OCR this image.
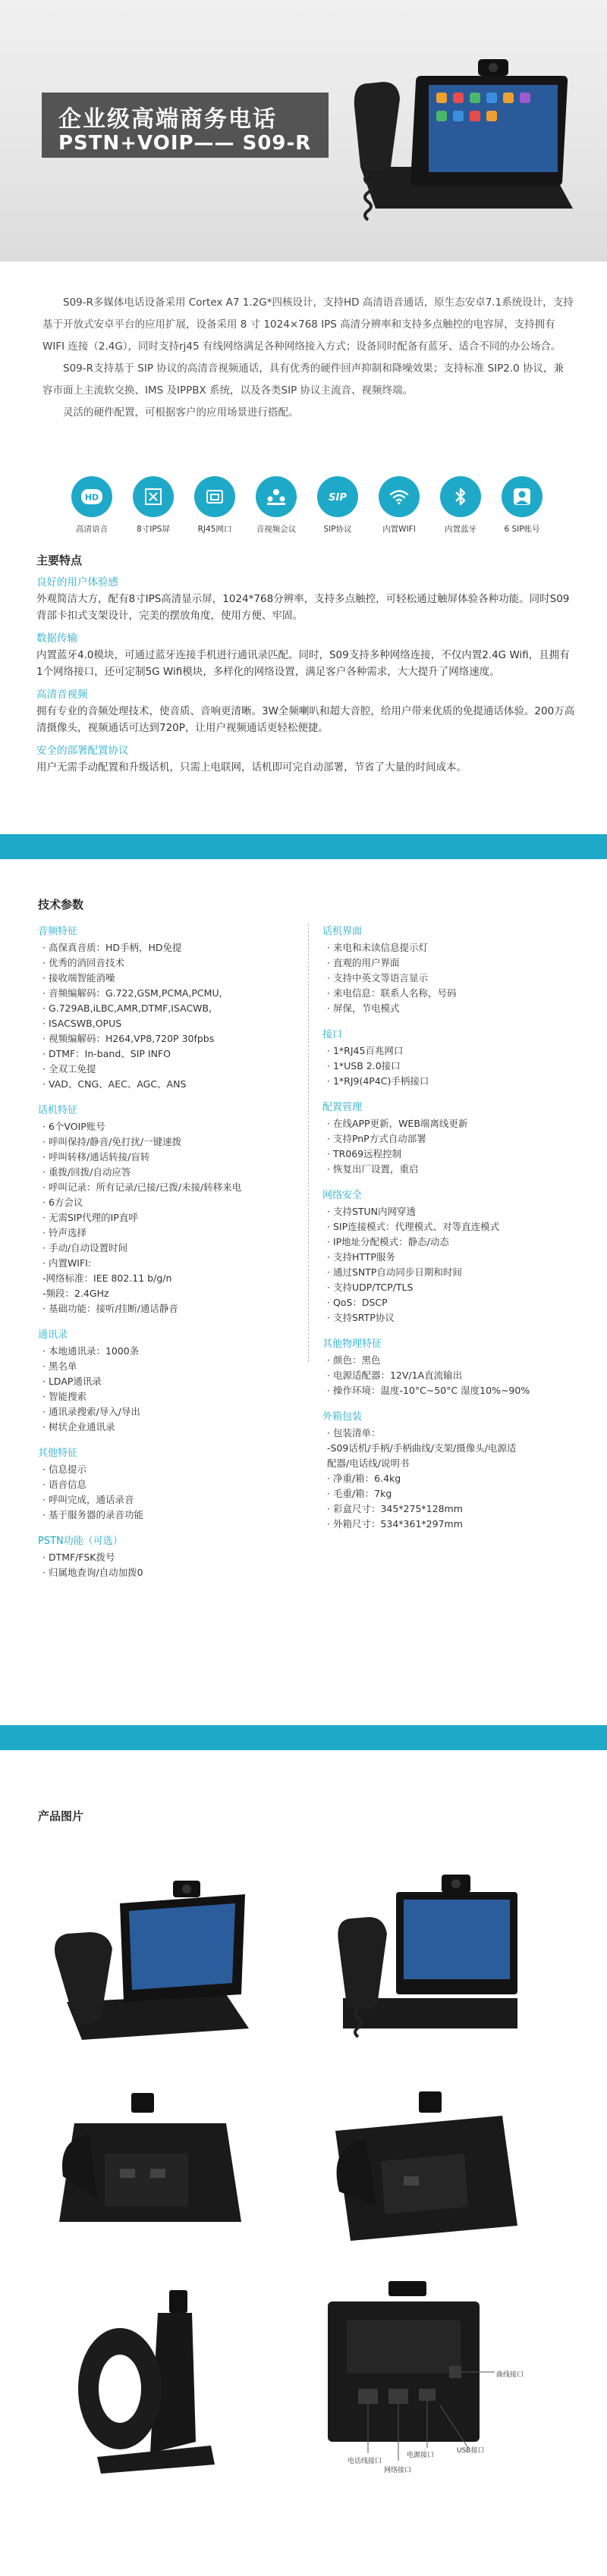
企业级高端商务电话
PSTN+VOIP—— S09-R

S09-R多媒体电话设备采用 Cortex A7 1.2G*四核设计，支持HD 高清语音通话，原生态安卓7.1系统设计，支持基于开放式安卓平台的应用扩展，设备采用 8 寸 1024×768 IPS 高清分辨率和支持多点触控的电容屏，支持拥有 WIFI 连接（2.4G），同时支持rj45 有线网络满足各种网络接入方式；设备同时配备有蓝牙、适合不同的办公场合。

S09-R支持基于 SIP 协议的高清音视频通话，具有优秀的硬件回声抑制和降噪效果；支持标准 SIP2.0 协议，兼容市面上主流软交换、IMS 及IPPBX 系统，以及各类SIP 协议主流音、视频终端。

灵活的硬件配置，可根据客户的应用场景进行搭配。

HD
高清语音	8寸IPS屏	RJ45网口	音视频会议
SIP
SIP协议	内置WIFI	内置蓝牙	6 SIP账号
主要特点
良好的用户体验感
外观简洁大方，配有8寸IPS高清显示屏，1024*768分辨率，支持多点触控，可轻松通过触屏体验各种功能。同时S09背部卡扣式支架设计，完美的摆放角度，使用方便、牢固。
数据传输
内置蓝牙4.0模块，可通过蓝牙连接手机进行通讯录匹配。同时，S09支持多种网络连接，不仅内置2.4G Wifi，且拥有1个网络接口，还可定制5G Wifi模块，多样化的网络设置，满足客户各种需求，大大提升了网络速度。
高清音视频
拥有专业的音频处理技术，使音质、音响更清晰。3W全频喇叭和超大音腔，给用户带来优质的免提通话体验。200万高清摄像头，视频通话可达到720P，让用户视频通话更轻松便捷。
安全的部署配置协议
用户无需手动配置和升级话机，只需上电联网，话机即可完自动部署，节省了大量的时间成本。
技术参数
音频特征
· 高保真音质：HD手柄，HD免提
· 优秀的消回音技术
· 接收端智能消噪
· 音频编解码：G.722,GSM,PCMA,PCMU,
· G.729AB,iLBC,AMR,DTMF,ISACWB,
· ISACSWB,OPUS
· 视频编解码：H264,VP8,720P 30fpbs
· DTMF：In-band、SIP INFO
· 全双工免提
· VAD、CNG、AEC、AGC、ANS
话机特征
· 6个VOIP账号
· 呼叫保持/静音/免打扰/一键速拨
· 呼叫转移/通话转接/盲转
· 重拨/回拨/自动应答
· 呼叫记录：所有记录/已接/已拨/未接/转移来电
· 6方会议
· 无需SIP代理的IP直呼
· 铃声选择
· 手动/自动设置时间
· 内置WIFI:
-网络标准：IEE 802.11 b/g/n
-频段：2.4GHz
· 基础功能：接听/挂断/通话静音
通讯录
· 本地通讯录：1000条
· 黑名单
· LDAP通讯录
· 智能搜索
· 通讯录搜索/导入/导出
· 树状企业通讯录
其他特征
· 信息提示
· 语音信息
· 呼叫完成，通话录音
· 基于服务器的录音功能
PSTN功能（可选）
· DTMF/FSK拨号
· 归属地查询/自动加拨0
话机界面
· 来电和未读信息提示灯
· 直观的用户界面
· 支持中英文等语言显示
· 来电信息：联系人名称，号码
· 屏保，节电模式
接口
· 1*RJ45百兆网口
· 1*USB 2.0接口
· 1*RJ9(4P4C)手柄接口
配置管理
· 在线APP更新，WEB端离线更新
· 支持PnP方式自动部署
· TR069远程控制
· 恢复出厂设置，重启
网络安全
· 支持STUN内网穿透
· SIP连接模式：代理模式、对等直连模式
· IP地址分配模式：静态/动态
· 支持HTTP服务
· 通过SNTP自动同步日期和时间
· 支持UDP/TCP/TLS
· QoS：DSCP
· 支持SRTP协议
其他物理特征
· 颜色：黑色
· 电源适配器：12V/1A直流输出
· 操作环境：温度-10°C~50°C 湿度10%~90%
外箱包装
· 包装清单：
-S09话机/手柄/手柄曲线/支架/摄像头/电源适
配器/电话线/说明书
· 净重/箱：6.4kg
· 毛重/箱：7kg
· 彩盒尺寸：345*275*128mm
· 外箱尺寸：534*361*297mm
产品图片
曲线接口
USB接口
电源接口
电话线接口
网络接口
